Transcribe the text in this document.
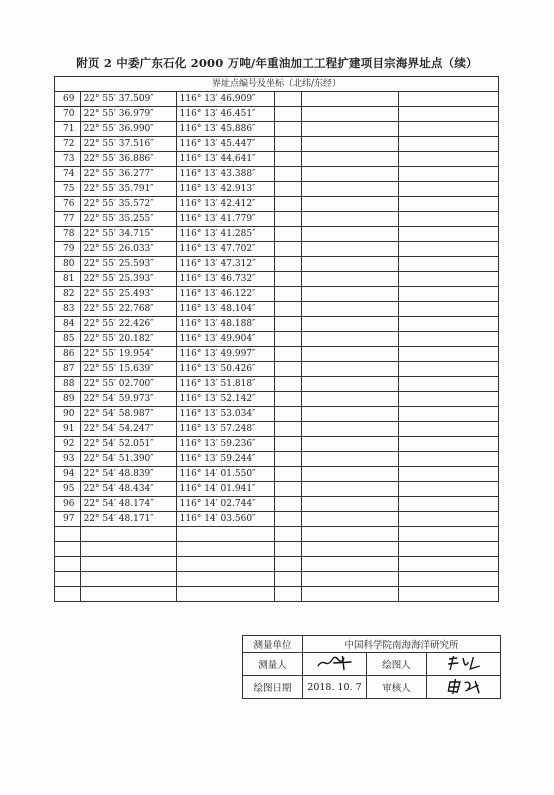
附页 2 中委广东石化 2000 万吨/年重油加工工程扩建项目宗海界址点（续）
界址点编号及坐标（北纬/东经）					
69	22° 55′ 37.509″	116° 13′ 46.909″			
70	22° 55′ 36.979″	116° 13′ 46.451″			
71	22° 55′ 36.990″	116° 13′ 45.886″			
72	22° 55′ 37.516″	116° 13′ 45.447″			
73	22° 55′ 36.886″	116° 13′ 44.641″			
74	22° 55′ 36.277″	116° 13′ 43.388″			
75	22° 55′ 35.791″	116° 13′ 42.913″			
76	22° 55′ 35.572″	116° 13′ 42.412″			
77	22° 55′ 35.255″	116° 13′ 41.779″			
78	22° 55′ 34.715″	116° 13′ 41.285″			
79	22° 55′ 26.033″	116° 13′ 47.702″			
80	22° 55′ 25.593″	116° 13′ 47.312″			
81	22° 55′ 25.393″	116° 13′ 46.732″			
82	22° 55′ 25.493″	116° 13′ 46.122″			
83	22° 55′ 22.768″	116° 13′ 48.104″			
84	22° 55′ 22.426″	116° 13′ 48.188″			
85	22° 55′ 20.182″	116° 13′ 49.904″			
86	22° 55′ 19.954″	116° 13′ 49.997″			
87	22° 55′ 15.639″	116° 13′ 50.426″			
88	22° 55′ 02.700″	116° 13′ 51.818″			
89	22° 54′ 59.973″	116° 13′ 52.142″			
90	22° 54′ 58.987″	116° 13′ 53.034″			
91	22° 54′ 54.247″	116° 13′ 57.248″			
92	22° 54′ 52.051″	116° 13′ 59.236″			
93	22° 54′ 51.390″	116° 13′ 59.244″			
94	22° 54′ 48.839″	116° 14′ 01.550″			
95	22° 54′ 48.434″	116° 14′ 01.941″			
96	22° 54′ 48.174″	116° 14′ 02.744″			
97	22° 54′ 48.171″	116° 14′ 03.560″			

测量单位	中国科学院南海海洋研究所		
测量人		绘图人	
绘图日期	2018. 10. 7	审核人	
